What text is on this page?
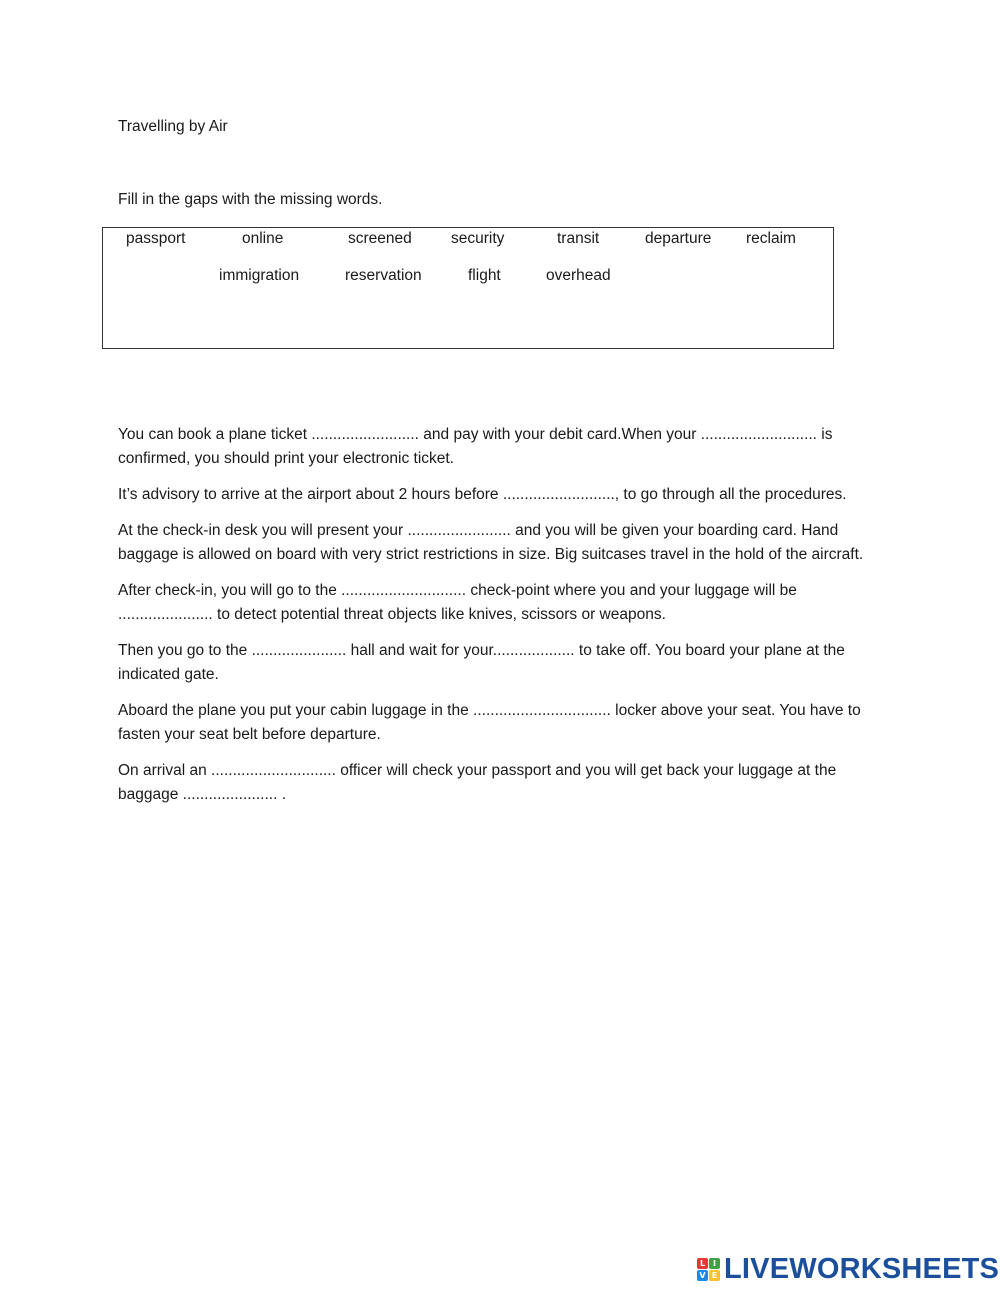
Travelling by Air
Fill in the gaps with the missing words.
passport	online	screened	security	transit	departure reclaim
immigration	reservation	flight	overhead

You can book a plane ticket ......................... and pay with your debit card.When your ........................... is confirmed, you should print your electronic ticket.

It’s advisory to arrive at the airport about 2 hours before .........................., to go through all the procedures.

At the check-in desk you will present your ........................ and you will be given your boarding card. Hand baggage is allowed on board with very strict restrictions in size. Big suitcases travel in the hold of the aircraft.

After check-in, you will go to the ............................. check-point where you and your luggage will be ...................... to detect potential threat objects like knives, scissors or weapons.

Then you go to the ...................... hall and wait for your................... to take off. You board your plane at the indicated gate.

Aboard the plane you put your cabin luggage in the ................................ locker above your seat. You have to fasten your seat belt before departure.

On arrival an ............................. officer will check your passport and you will get back your luggage at the baggage ...................... .

L I
V E LIVEWORKSHEETS
